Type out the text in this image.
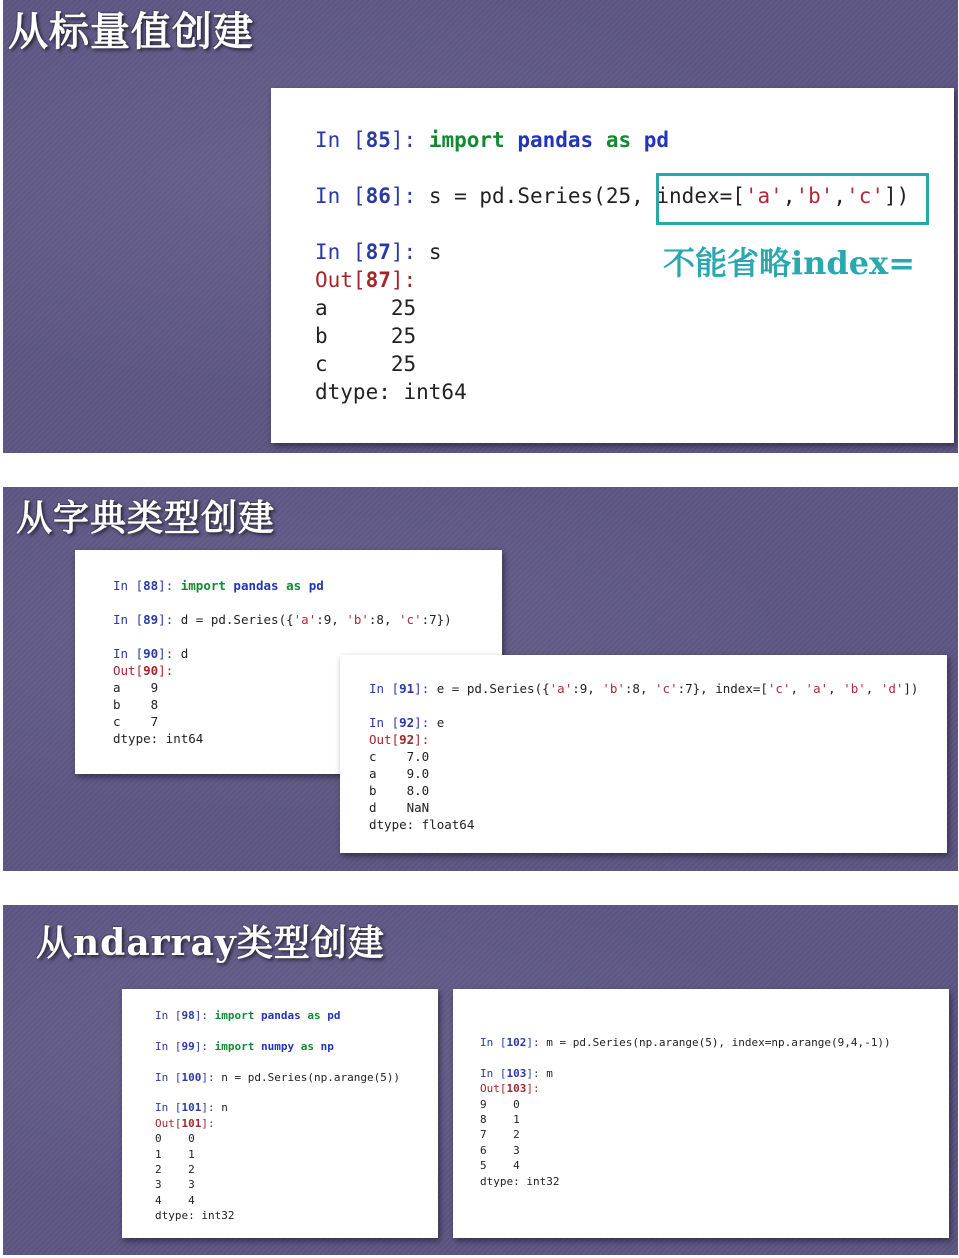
从标量值创建
In [85]: import pandas as pd

In [86]: s = pd.Series(25, index=['a','b','c'])

In [87]: s
Out[87]:
a     25
b     25
c     25
dtype: int64
不能省略index=
从字典类型创建
In [88]: import pandas as pd

In [89]: d = pd.Series({'a':9, 'b':8, 'c':7})

In [90]: d
Out[90]:
a    9
b    8
c    7
dtype: int64
In [91]: e = pd.Series({'a':9, 'b':8, 'c':7}, index=['c', 'a', 'b', 'd'])

In [92]: e
Out[92]:
c    7.0
a    9.0
b    8.0
d    NaN
dtype: float64
从ndarray类型创建
In [98]: import pandas as pd

In [99]: import numpy as np

In [100]: n = pd.Series(np.arange(5))

In [101]: n
Out[101]:
0    0
1    1
2    2
3    3
4    4
dtype: int32
In [102]: m = pd.Series(np.arange(5), index=np.arange(9,4,-1))

In [103]: m
Out[103]:
9    0
8    1
7    2
6    3
5    4
dtype: int32
